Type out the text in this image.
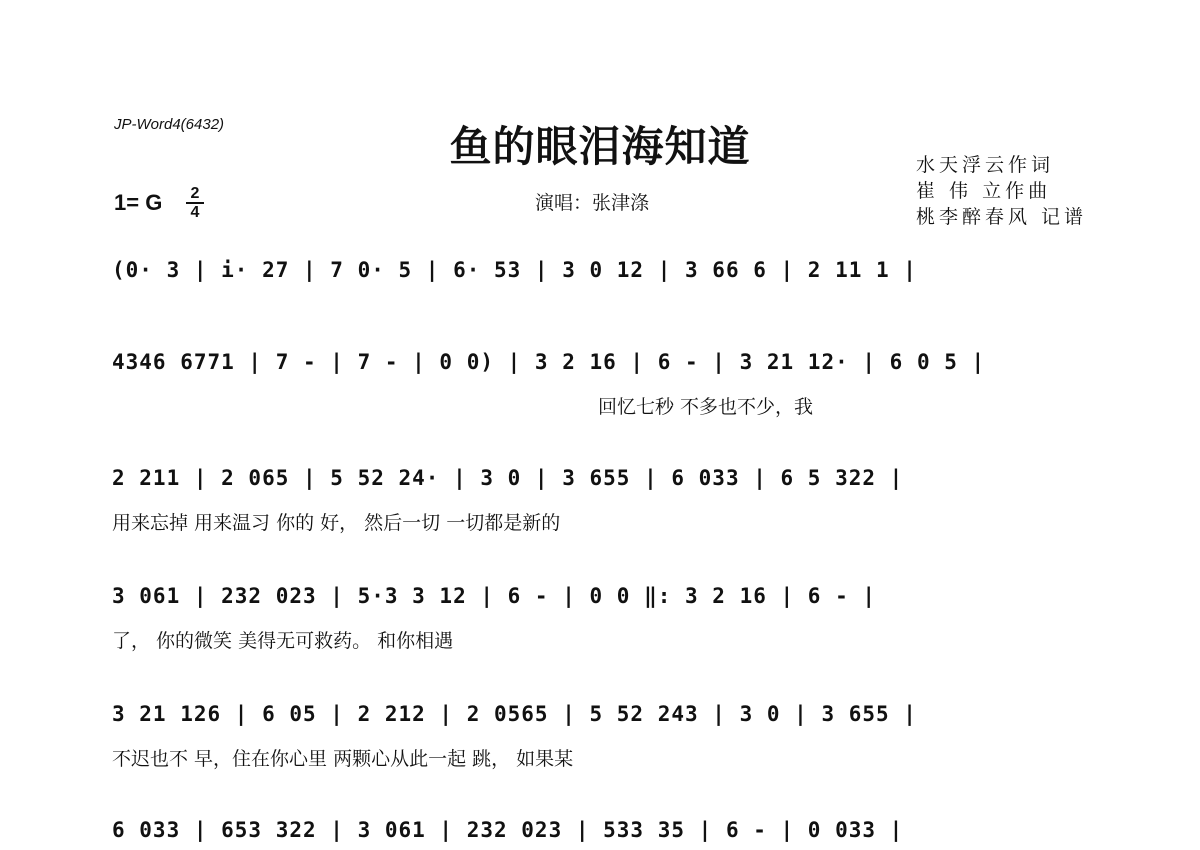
JP-Word4(6432)	鱼的眼泪海知道	水天浮云作词
崔 伟 立作曲
桃李醉春风 记谱
1= G 2
4	演唱：张津涤
(0· 3 | i· 27 | 7 0· 5 | 6· 53 | 3 0 12 | 3 66 6 | 2 11 1 |
4346 6771 | 7 - | 7 - | 0 0) | 3 2 16 | 6 - | 3 21 12· | 6 0 5 |
回忆七秒 不多也不少，我
2 211 | 2 065 | 5 52 24· | 3 0 | 3 655 | 6 033 | 6 5 322 |
用来忘掉 用来温习 你的 好， 然后一切 一切都是新的
3 061 | 232 023 | 5·3 3 12 | 6 - | 0 0 ‖: 3 2 16 | 6 - |
了， 你的微笑 美得无可救药。 和你相遇
3 21 126 | 6 05 | 2 212 | 2 0565 | 5 52 243 | 3 0 | 3 655 |
不迟也不 早，住在你心里 两颗心从此一起 跳， 如果某
6 033 | 653 322 | 3 061 | 232 023 | 533 35 | 6 - | 0 033 |
